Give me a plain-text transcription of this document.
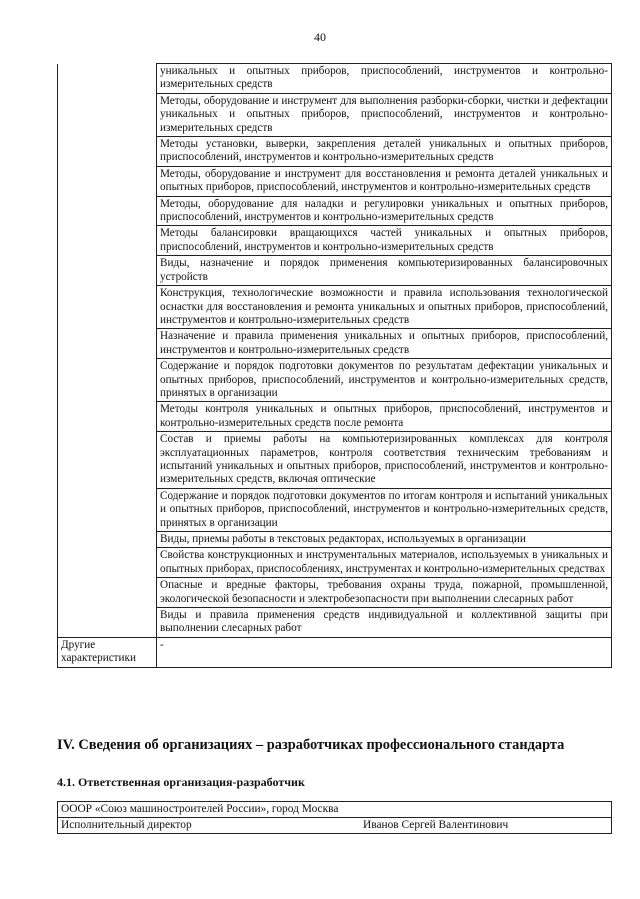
40
	уникальных и опытных приборов, приспособлений, инструментов и контрольно-измерительных средств
	Методы, оборудование и инструмент для выполнения разборки-сборки, чистки и дефектации уникальных и опытных приборов, приспособлений, инструментов и контрольно-измерительных средств
	Методы установки, выверки, закрепления деталей уникальных и опытных приборов, приспособлений, инструментов и контрольно-измерительных средств
	Методы, оборудование и инструмент для восстановления и ремонта деталей уникальных и опытных приборов, приспособлений, инструментов и контрольно-измерительных средств
	Методы, оборудование для наладки и регулировки уникальных и опытных приборов, приспособлений, инструментов и контрольно-измерительных средств
	Методы балансировки вращающихся частей уникальных и опытных приборов, приспособлений, инструментов и контрольно-измерительных средств
	Виды, назначение и порядок применения компьютеризированных балансировочных устройств
	Конструкция, технологические возможности и правила использования технологической оснастки для восстановления и ремонта уникальных и опытных приборов, приспособлений, инструментов и контрольно-измерительных средств
	Назначение и правила применения уникальных и опытных приборов, приспособлений, инструментов и контрольно-измерительных средств
	Содержание и порядок подготовки документов по результатам дефектации уникальных и опытных приборов, приспособлений, инструментов и контрольно-измерительных средств, принятых в организации
	Методы контроля уникальных и опытных приборов, приспособлений, инструментов и контрольно-измерительных средств после ремонта
	Состав и приемы работы на компьютеризированных комплексах для контроля эксплуатационных параметров, контроля соответствия техническим требованиям и испытаний уникальных и опытных приборов, приспособлений, инструментов и контрольно-измерительных средств, включая оптические
	Содержание и порядок подготовки документов по итогам контроля и испытаний уникальных и опытных приборов, приспособлений, инструментов и контрольно-измерительных средств, принятых в организации
	Виды, приемы работы в текстовых редакторах, используемых в организации
	Свойства конструкционных и инструментальных материалов, используемых в уникальных и опытных приборах, приспособлениях, инструментах и контрольно-измерительных средствах
	Опасные и вредные факторы, требования охраны труда, пожарной, промышленной, экологической безопасности и электробезопасности при выполнении слесарных работ
	Виды и правила применения средств индивидуальной и коллективной защиты при выполнении слесарных работ
Другие характеристики	-
IV. Сведения об организациях – разработчиках профессионального стандарта
4.1. Ответственная организация-разработчик
ОООР «Союз машиностроителей России», город Москва

Исполнительный директор	Иванов Сергей Валентинович
